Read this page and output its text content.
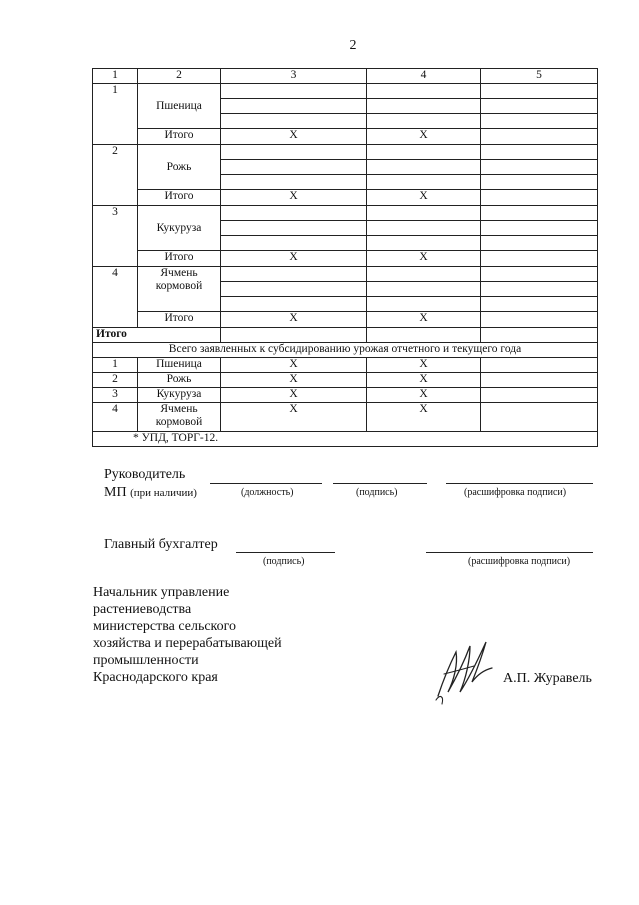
2
1	2	3	4	5
1	Пшеница			

	Итого	Х	Х	
2	Рожь			

	Итого	Х	Х	
3	Кукуруза			

	Итого	Х	Х	
4	Ячмень кормовой			

	Итого	Х	Х	
Итого				
Всего заявленных к субсидированию урожая отчетного и текущего года				
1	Пшеница	Х	Х	
2	Рожь	Х	Х	
3	Кукуруза	Х	Х	
4	Ячмень кормовой	Х	Х	
* УПД, ТОРГ-12.				
Руководитель
МП (при наличии)	(должность)	(подпись)	(расшифровка подписи)
Главный бухгалтер
(подпись)	(расшифровка подписи)
Начальник управление
растениеводства
министерства сельского
хозяйства и перерабатывающей
промышленности
Краснодарского края	А.П. Журавель
